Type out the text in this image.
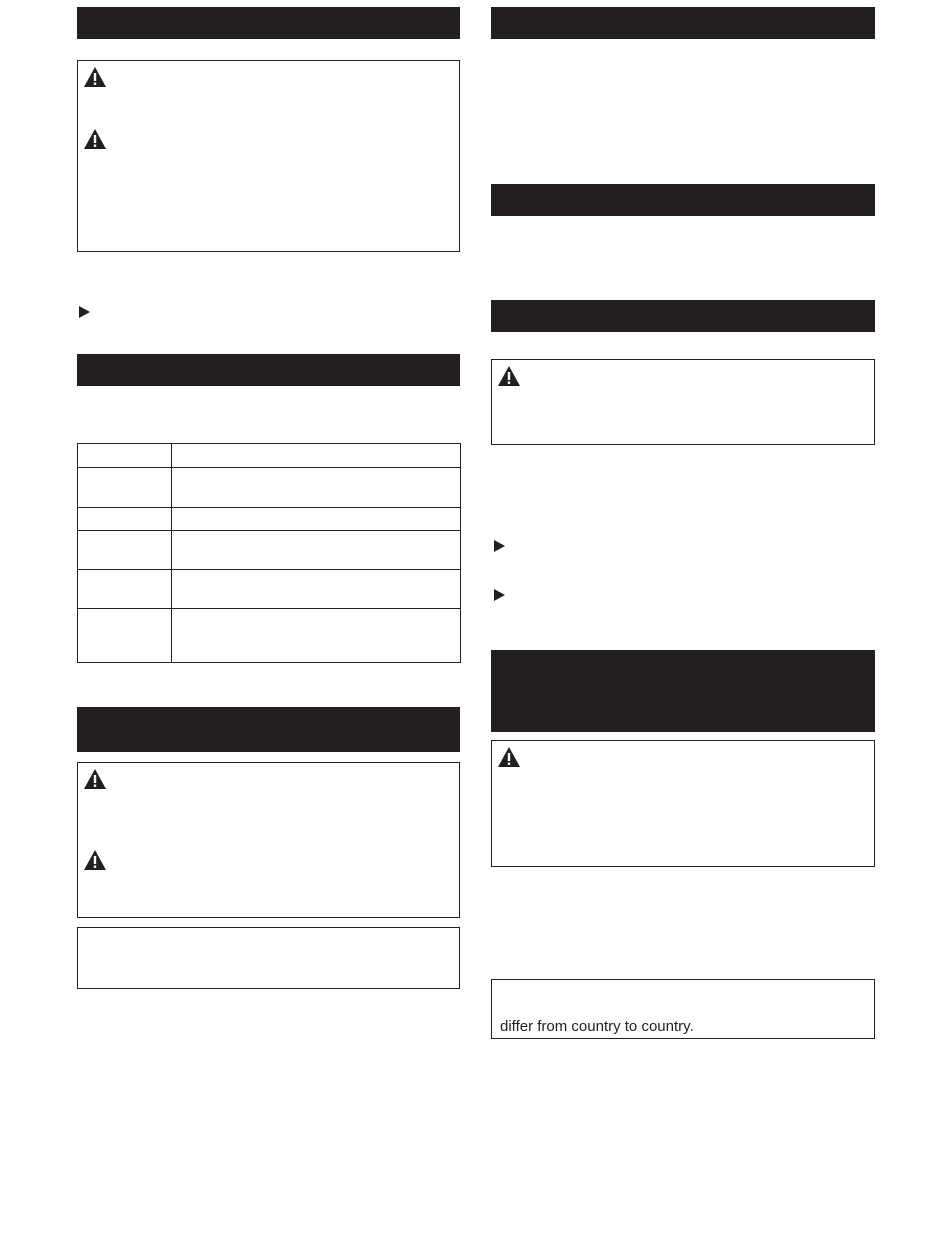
differ from country to country.
